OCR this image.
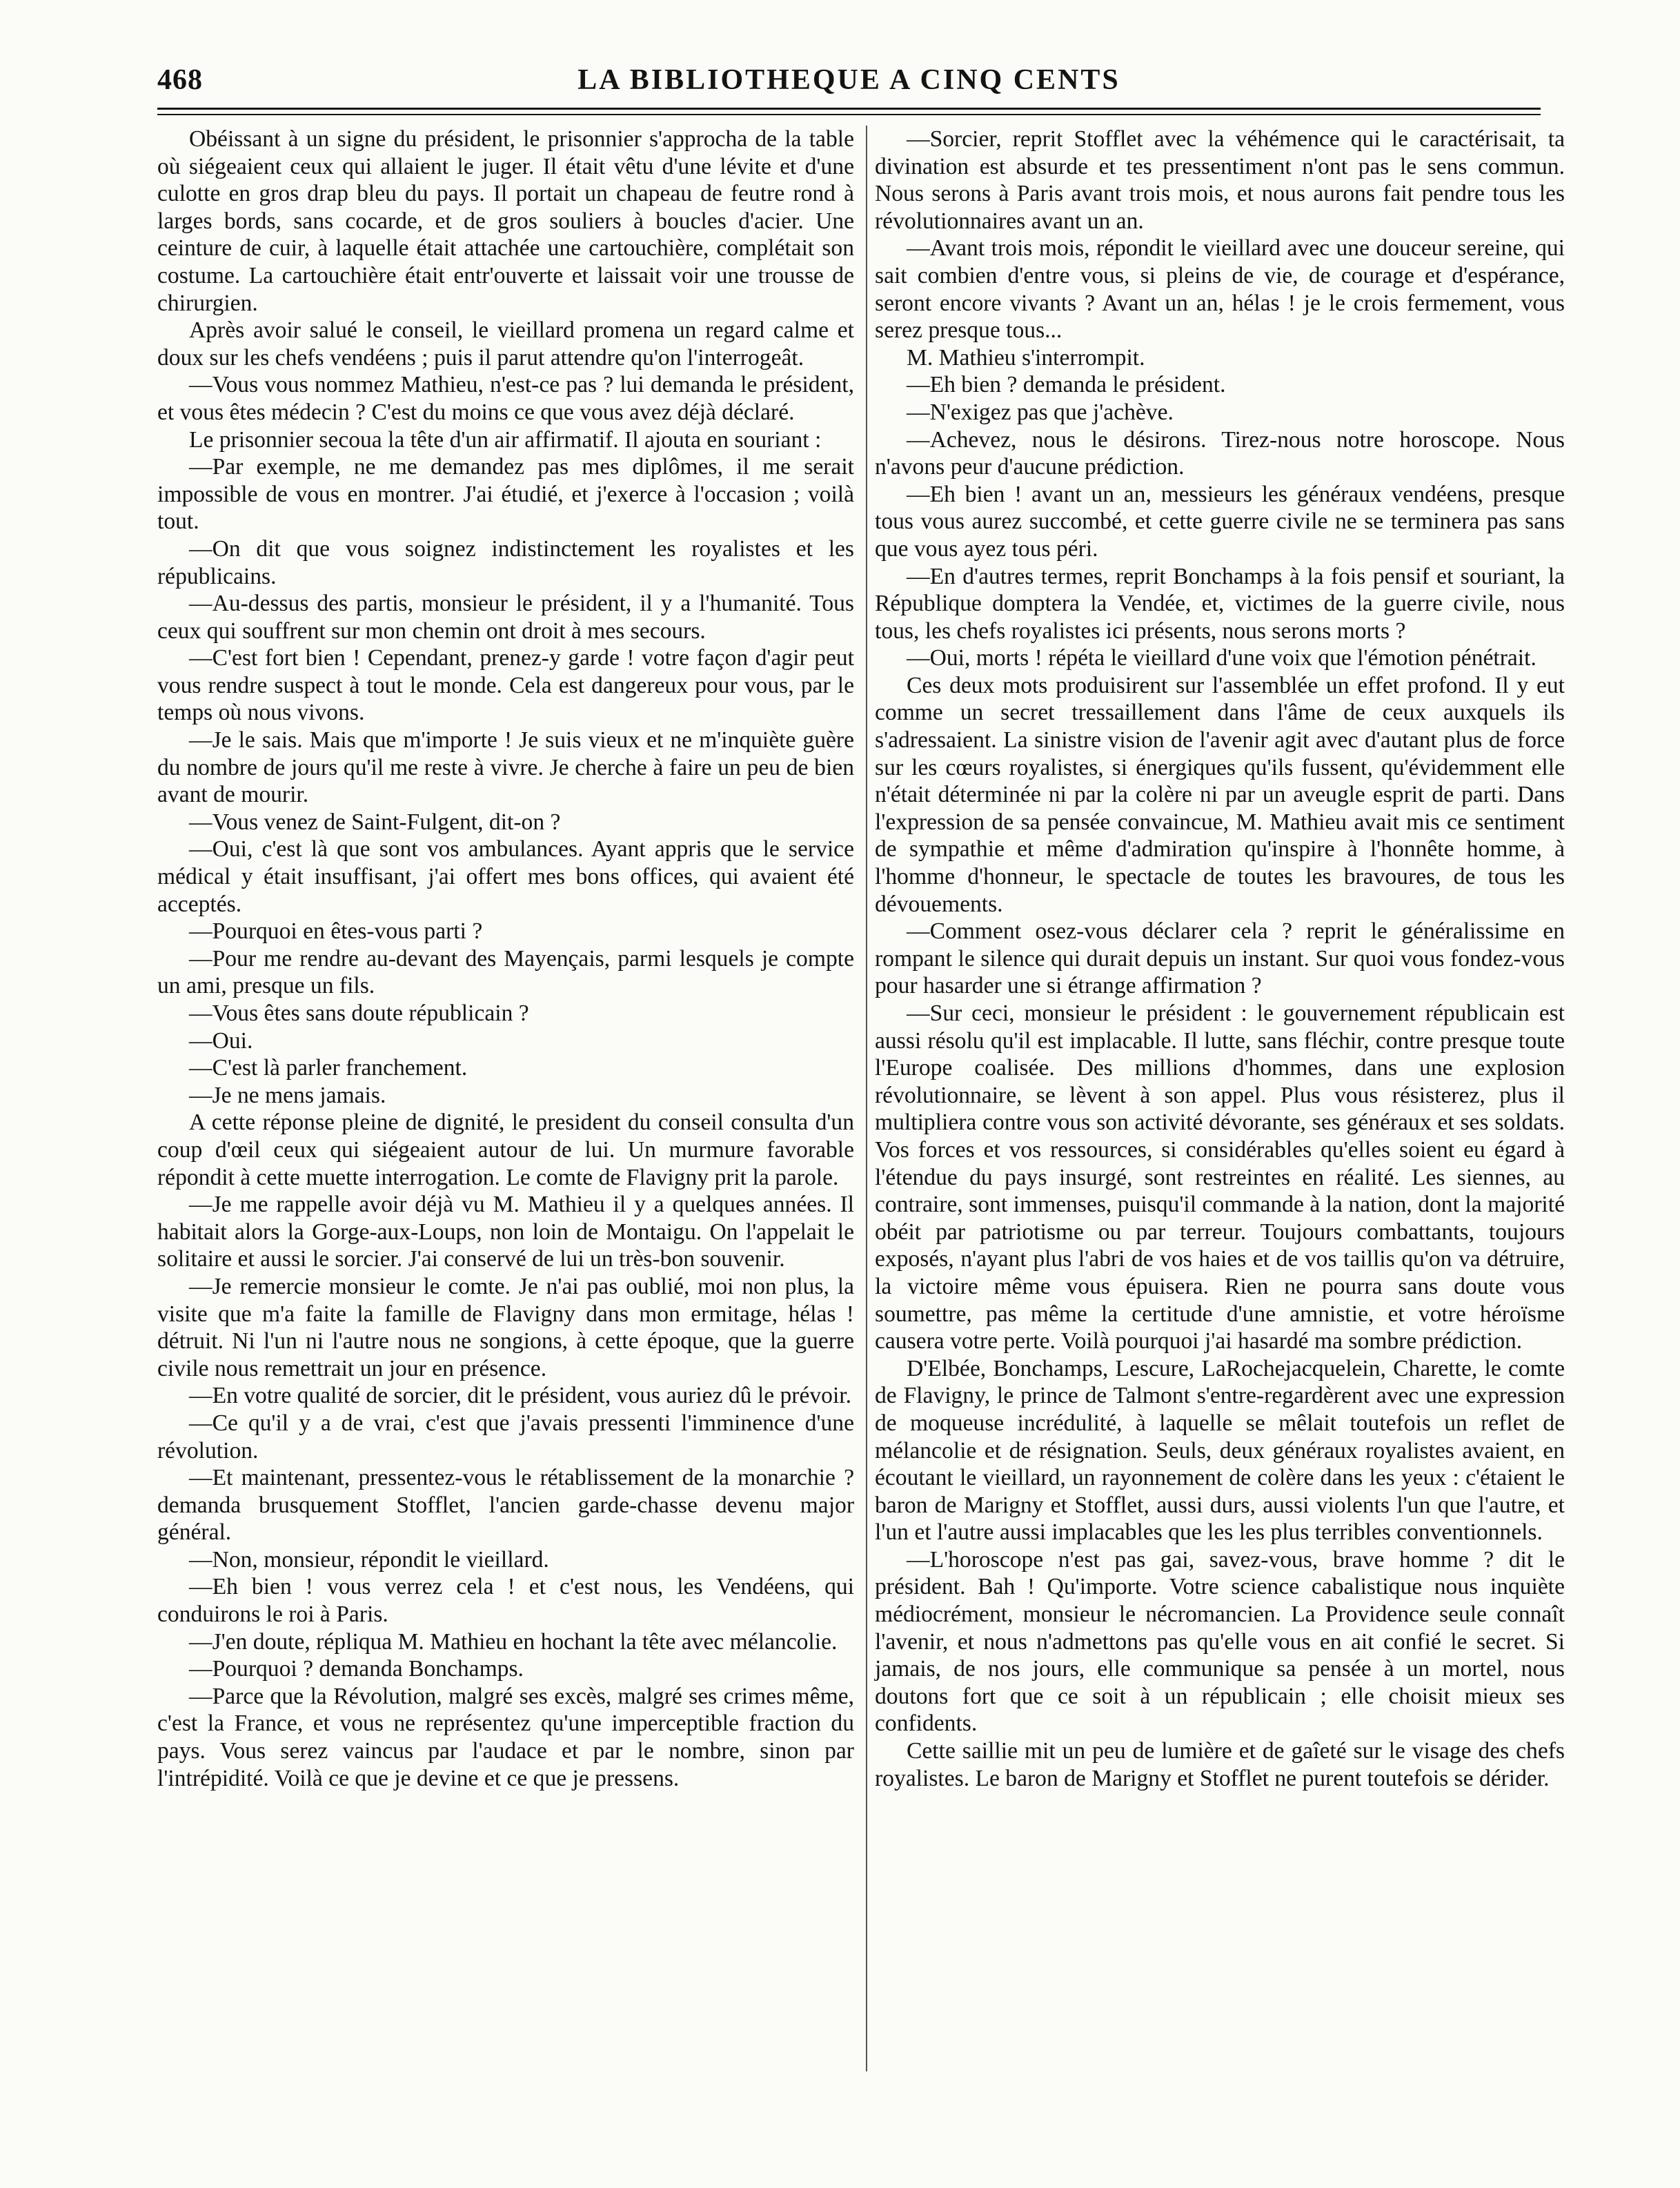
468	LA BIBLIOTHEQUE A CINQ CENTS

Obéissant à un signe du président, le prisonnier s'approcha de la table où siégeaient ceux qui allaient le juger. Il était vêtu d'une lévite et d'une culotte en gros drap bleu du pays. Il portait un chapeau de feutre rond à larges bords, sans cocarde, et de gros souliers à boucles d'acier. Une ceinture de cuir, à laquelle était attachée une cartouchière, complétait son costume. La cartouchière était entr'ouverte et laissait voir une trousse de chirurgien.

Après avoir salué le conseil, le vieillard promena un regard calme et doux sur les chefs vendéens ; puis il parut attendre qu'on l'interrogeât.

—Vous vous nommez Mathieu, n'est-ce pas ? lui demanda le président, et vous êtes médecin ? C'est du moins ce que vous avez déjà déclaré.

Le prisonnier secoua la tête d'un air affirmatif. Il ajouta en souriant :

—Par exemple, ne me demandez pas mes diplômes, il me serait impossible de vous en montrer. J'ai étudié, et j'exerce à l'occasion ; voilà tout.

—On dit que vous soignez indistinctement les royalistes et les républicains.

—Au-dessus des partis, monsieur le président, il y a l'humanité. Tous ceux qui souffrent sur mon chemin ont droit à mes secours.

—C'est fort bien ! Cependant, prenez-y garde ! votre façon d'agir peut vous rendre suspect à tout le monde. Cela est dangereux pour vous, par le temps où nous vivons.

—Je le sais. Mais que m'importe ! Je suis vieux et ne m'inquiète guère du nombre de jours qu'il me reste à vivre. Je cherche à faire un peu de bien avant de mourir.

—Vous venez de Saint-Fulgent, dit-on ?

—Oui, c'est là que sont vos ambulances. Ayant appris que le service médical y était insuffisant, j'ai offert mes bons offices, qui avaient été acceptés.

—Pourquoi en êtes-vous parti ?

—Pour me rendre au-devant des Mayençais, parmi lesquels je compte un ami, presque un fils.

—Vous êtes sans doute républicain ?

—Oui.

—C'est là parler franchement.

—Je ne mens jamais.

A cette réponse pleine de dignité, le president du conseil consulta d'un coup d'œil ceux qui siégeaient autour de lui. Un murmure favorable répondit à cette muette interrogation. Le comte de Flavigny prit la parole.

—Je me rappelle avoir déjà vu M. Mathieu il y a quelques années. Il habitait alors la Gorge-aux-Loups, non loin de Montaigu. On l'appelait le solitaire et aussi le sorcier. J'ai conservé de lui un très-bon souvenir.

—Je remercie monsieur le comte. Je n'ai pas oublié, moi non plus, la visite que m'a faite la famille de Flavigny dans mon ermitage, hélas ! détruit. Ni l'un ni l'autre nous ne songions, à cette époque, que la guerre civile nous remettrait un jour en présence.

—En votre qualité de sorcier, dit le président, vous auriez dû le prévoir.

—Ce qu'il y a de vrai, c'est que j'avais pressenti l'imminence d'une révolution.

—Et maintenant, pressentez-vous le rétablissement de la monarchie ? demanda brusquement Stofflet, l'ancien garde-chasse devenu major général.

—Non, monsieur, répondit le vieillard.

—Eh bien ! vous verrez cela ! et c'est nous, les Vendéens, qui conduirons le roi à Paris.

—J'en doute, répliqua M. Mathieu en hochant la tête avec mélancolie.

—Pourquoi ? demanda Bonchamps.

—Parce que la Révolution, malgré ses excès, malgré ses crimes même, c'est la France, et vous ne représentez qu'une imperceptible fraction du pays. Vous serez vaincus par l'audace et par le nombre, sinon par l'intrépidité. Voilà ce que je devine et ce que je pressens.

—Sorcier, reprit Stofflet avec la véhémence qui le caractérisait, ta divination est absurde et tes pressentiment n'ont pas le sens commun. Nous serons à Paris avant trois mois, et nous aurons fait pendre tous les révolutionnaires avant un an.

—Avant trois mois, répondit le vieillard avec une douceur sereine, qui sait combien d'entre vous, si pleins de vie, de courage et d'espérance, seront encore vivants ? Avant un an, hélas ! je le crois fermement, vous serez presque tous...

M. Mathieu s'interrompit.

—Eh bien ? demanda le président.

—N'exigez pas que j'achève.

—Achevez, nous le désirons. Tirez-nous notre horoscope. Nous n'avons peur d'aucune prédiction.

—Eh bien ! avant un an, messieurs les généraux vendéens, presque tous vous aurez succombé, et cette guerre civile ne se terminera pas sans que vous ayez tous péri.

—En d'autres termes, reprit Bonchamps à la fois pensif et souriant, la République domptera la Vendée, et, victimes de la guerre civile, nous tous, les chefs royalistes ici présents, nous serons morts ?

—Oui, morts ! répéta le vieillard d'une voix que l'émotion pénétrait.

Ces deux mots produisirent sur l'assemblée un effet profond. Il y eut comme un secret tressaillement dans l'âme de ceux auxquels ils s'adressaient. La sinistre vision de l'avenir agit avec d'autant plus de force sur les cœurs royalistes, si énergiques qu'ils fussent, qu'évidemment elle n'était déterminée ni par la colère ni par un aveugle esprit de parti. Dans l'expression de sa pensée convaincue, M. Mathieu avait mis ce sentiment de sympathie et même d'admiration qu'inspire à l'honnête homme, à l'homme d'honneur, le spectacle de toutes les bravoures, de tous les dévouements.

—Comment osez-vous déclarer cela ? reprit le généralissime en rompant le silence qui durait depuis un instant. Sur quoi vous fondez-vous pour hasarder une si étrange affirmation ?

—Sur ceci, monsieur le président : le gouvernement républicain est aussi résolu qu'il est implacable. Il lutte, sans fléchir, contre presque toute l'Europe coalisée. Des millions d'hommes, dans une explosion révolutionnaire, se lèvent à son appel. Plus vous résisterez, plus il multipliera contre vous son activité dévorante, ses généraux et ses soldats. Vos forces et vos ressources, si considérables qu'elles soient eu égard à l'étendue du pays insurgé, sont restreintes en réalité. Les siennes, au contraire, sont immenses, puisqu'il commande à la nation, dont la majorité obéit par patriotisme ou par terreur. Toujours combattants, toujours exposés, n'ayant plus l'abri de vos haies et de vos taillis qu'on va détruire, la victoire même vous épuisera. Rien ne pourra sans doute vous soumettre, pas même la certitude d'une amnistie, et votre héroïsme causera votre perte. Voilà pourquoi j'ai hasardé ma sombre prédiction.

D'Elbée, Bonchamps, Lescure, LaRochejacquelein, Charette, le comte de Flavigny, le prince de Talmont s'entre-regardèrent avec une expression de moqueuse incrédulité, à laquelle se mêlait toutefois un reflet de mélancolie et de résignation. Seuls, deux généraux royalistes avaient, en écoutant le vieillard, un rayonnement de colère dans les yeux : c'étaient le baron de Marigny et Stofflet, aussi durs, aussi violents l'un que l'autre, et l'un et l'autre aussi implacables que les les plus terribles conventionnels.

—L'horoscope n'est pas gai, savez-vous, brave homme ? dit le président. Bah ! Qu'importe. Votre science cabalistique nous inquiète médiocrément, monsieur le nécromancien. La Providence seule connaît l'avenir, et nous n'admettons pas qu'elle vous en ait confié le secret. Si jamais, de nos jours, elle communique sa pensée à un mortel, nous doutons fort que ce soit à un républicain ; elle choisit mieux ses confidents.

Cette saillie mit un peu de lumière et de gaîeté sur le visage des chefs royalistes. Le baron de Marigny et Stofflet ne purent toutefois se dérider.
